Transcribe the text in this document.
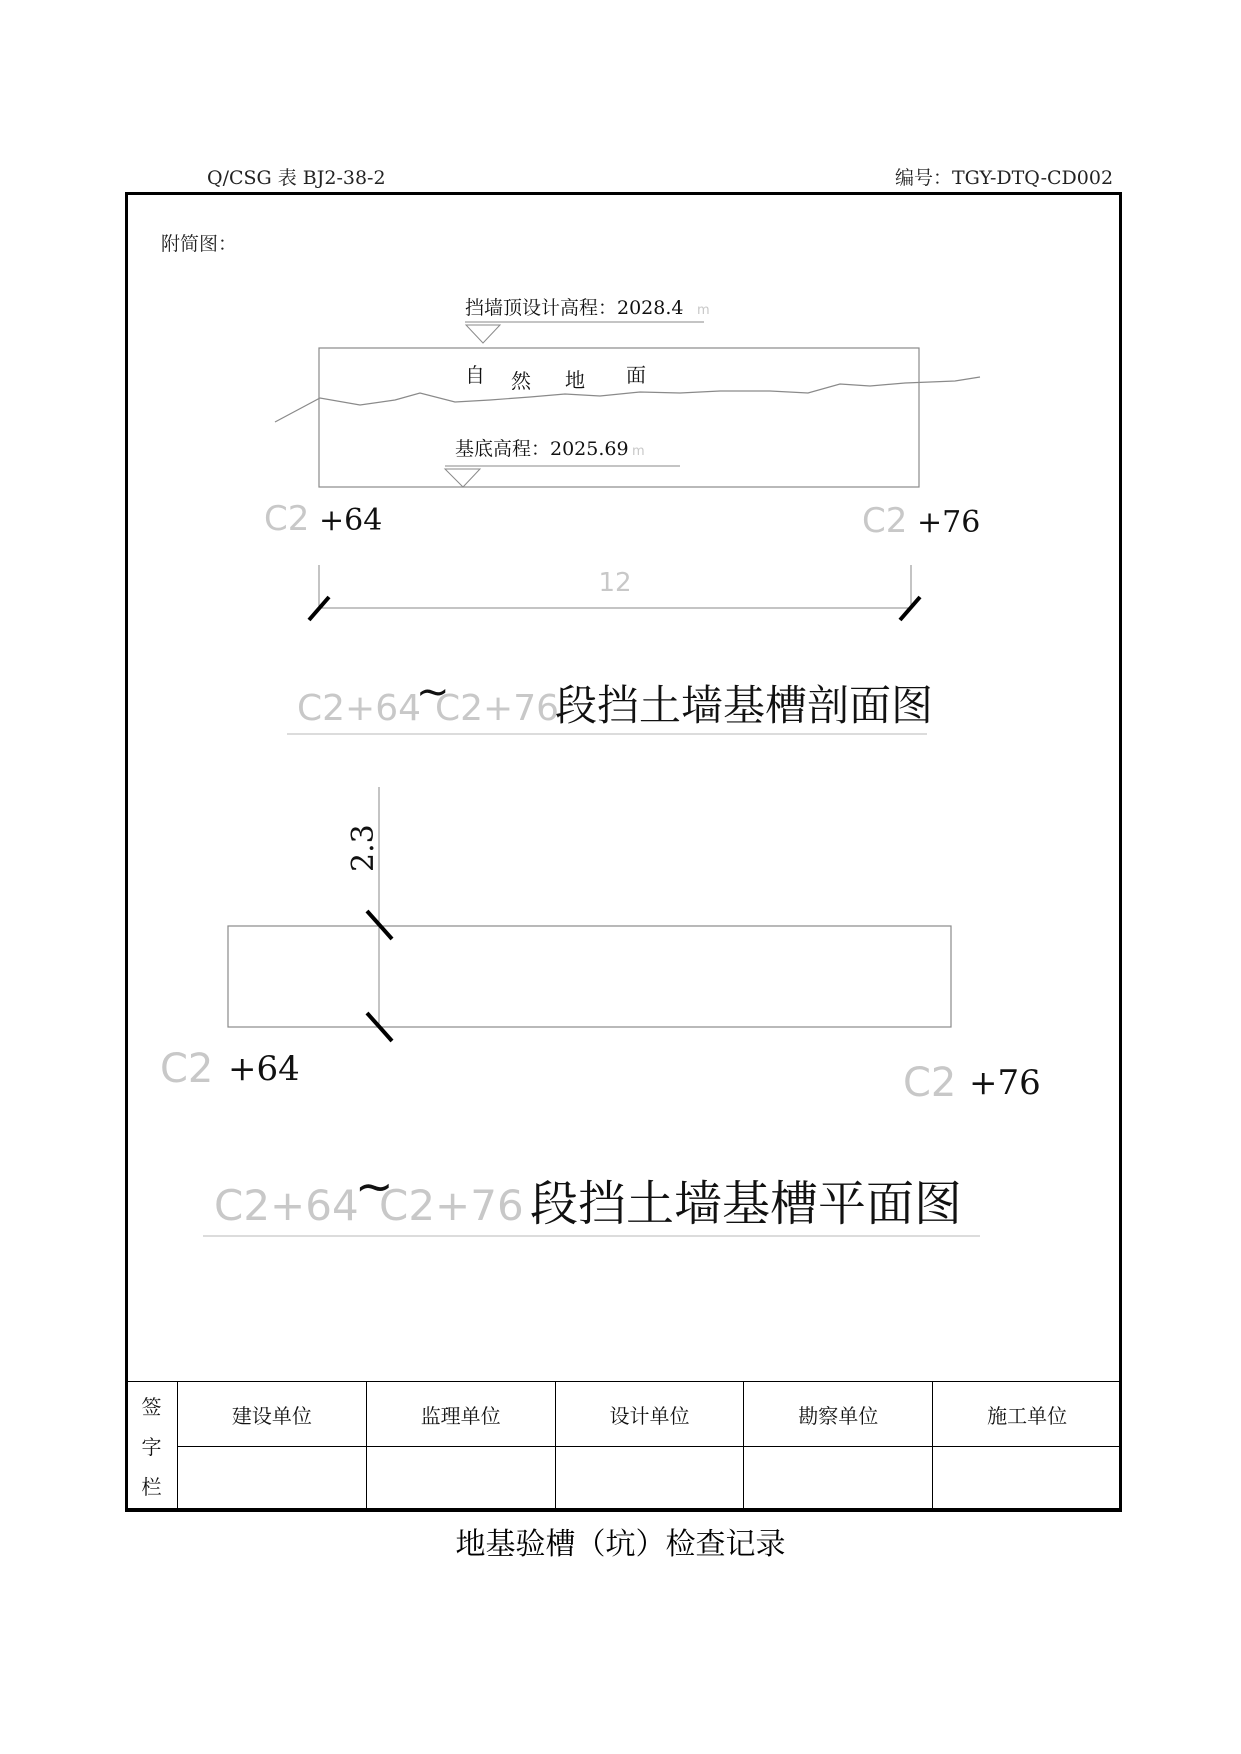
Q/CSG 表 BJ2-38-2	编号：TGY-DTQ-CD002
附简图：
挡墙顶设计高程：2028.4 m
自 然 地 面
基底高程：2025.69 m
C2 +64	C2 +76
12
C2+64
~
C2+76
段挡土墙基槽剖面图
2.3
C2 +64	C2 +76
C2+64
~
C2+76 段挡土墙基槽平面图
签
字
栏	建设单位	监理单位	设计单位	勘察单位	施工单位

地基验槽（坑）检查记录
